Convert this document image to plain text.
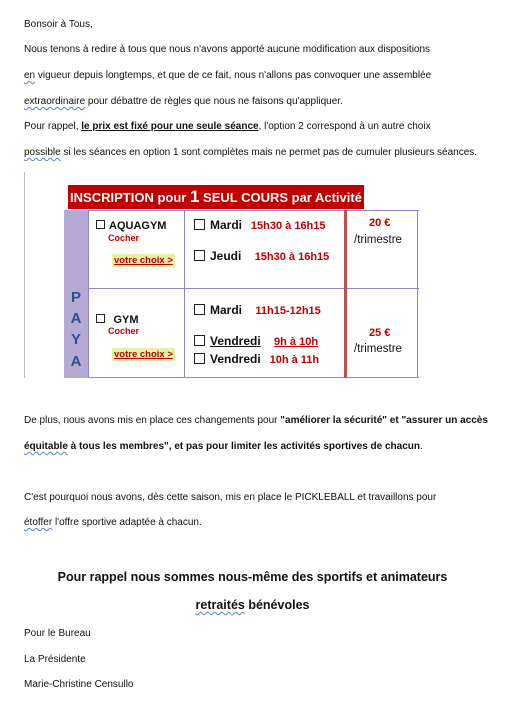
Bonsoir à Tous,
Nous tenons à redire à tous que nous n'avons apporté aucune modification aux dispositions
en vigueur depuis longtemps, et que de ce fait, nous n'allons pas convoquer une assemblée
extraordinaire pour débattre de règles que nous ne faisons qu'appliquer.
Pour rappel, le prix est fixé pour une seule séance, l'option 2 correspond à un autre choix
possible si les séances en option 1 sont complètes mais ne permet pas de cumuler plusieurs séances.
INSCRIPTION pour 1 SEUL COURS par Activité
P
A
Y
A
AQUAGYM
Cocher
votre choix >
Mardi 15h30 à 16h15
Jeudi 15h30 à 16h15
20 €
/trimestre
GYM
Cocher
votre choix >
Mardi 11h15-12h15
Vendredi 9h à 10h
Vendredi 10h à 11h
25 €
/trimestre
De plus, nous avons mis en place ces changements pour "améliorer la sécurité" et "assurer un accès
équitable à tous les membres", et pas pour limiter les activités sportives de chacun.
C'est pourquoi nous avons, dès cette saison, mis en place le PICKLEBALL et travaillons pour
étoffer l'offre sportive adaptée à chacun.
Pour rappel nous sommes nous-même des sportifs et animateurs
retraités bénévoles
Pour le Bureau
La Présidente
Marie-Christine Censullo
